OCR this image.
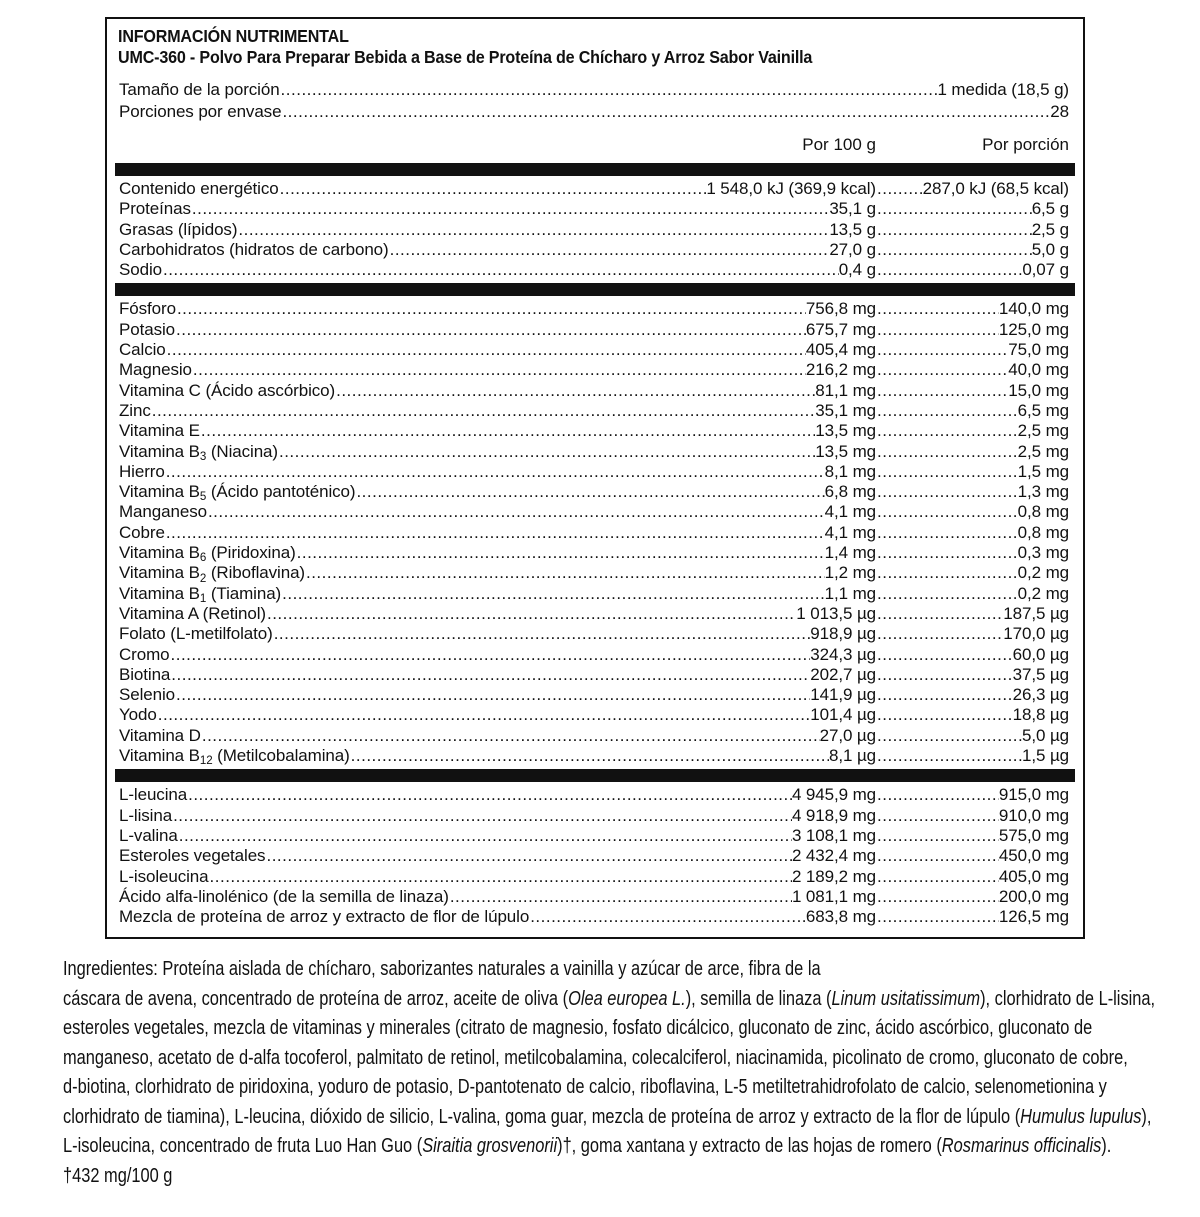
INFORMACIÓN NUTRIMENTAL
UMC-360 - Polvo Para Preparar Bebida a Base de Proteína de Chícharo y Arroz Sabor Vainilla
Tamaño de la porción .....	1 medida (18,5 g)
Porciones por envase .....	28
Por 100 g	Por porción
Contenido energético .....	1 548,0 kJ (369,9 kcal) .....	287,0 kJ (68,5 kcal)
Proteínas .....	35,1 g .....	6,5 g
Grasas (lípidos) .....	13,5 g .....	2,5 g
Carbohidratos (hidratos de carbono) .....	27,0 g .....	5,0 g
Sodio .....	0,4 g .....	0,07 g
Fósforo .....	756,8 mg .....	140,0 mg
Potasio .....	675,7 mg .....	125,0 mg
Calcio .....	405,4 mg .....	75,0 mg
Magnesio .....	216,2 mg .....	40,0 mg
Vitamina C (Ácido ascórbico) .....	81,1 mg .....	15,0 mg
Zinc .....	35,1 mg .....	6,5 mg
Vitamina E .....	13,5 mg .....	2,5 mg
Vitamina $B_3$ (Niacina) .....	13,5 mg .....	2,5 mg
Hierro .....	8,1 mg .....	1,5 mg
Vitamina $B_5$ (Ácido pantoténico) .....	6,8 mg .....	1,3 mg
Manganeso .....	4,1 mg .....	0,8 mg
Cobre .....	4,1 mg .....	0,8 mg
Vitamina $B_6$ (Piridoxina) .....	1,4 mg .....	0,3 mg
Vitamina $B_2$ (Riboflavina) .....	1,2 mg .....	0,2 mg
Vitamina $B_1$ (Tiamina) .....	1,1 mg .....	0,2 mg
Vitamina A (Retinol) .....	1 013,5 µg .....	187,5 µg
Folato (L-metilfolato) .....	918,9 µg .....	170,0 µg
Cromo .....	324,3 µg .....	60,0 µg
Biotina .....	202,7 µg .....	37,5 µg
Selenio .....	141,9 µg .....	26,3 µg
Yodo .....	101,4 µg .....	18,8 µg
Vitamina D .....	27,0 µg .....	5,0 µg
Vitamina $B_{12}$ (Metilcobalamina) .....	8,1 µg .....	1,5 µg
L-leucina .....	4 945,9 mg .....	915,0 mg
L-lisina .....	4 918,9 mg .....	910,0 mg
L-valina .....	3 108,1 mg .....	575,0 mg
Esteroles vegetales .....	2 432,4 mg .....	450,0 mg
L-isoleucina .....	2 189,2 mg .....	405,0 mg
Ácido alfa-linolénico (de la semilla de linaza) .....	1 081,1 mg .....	200,0 mg
Mezcla de proteína de arroz y extracto de flor de lúpulo .....	683,8 mg .....	126,5 mg
Ingredientes: Proteína aislada de chícharo, saborizantes naturales a vainilla y azúcar de arce, fibra de la
cáscara de avena, concentrado de proteína de arroz, aceite de oliva (Olea europea L.), semilla de linaza (Linum usitatissimum), clorhidrato de L-lisina,
esteroles vegetales, mezcla de vitaminas y minerales (citrato de magnesio, fosfato dicálcico, gluconato de zinc, ácido ascórbico, gluconato de
manganeso, acetato de d-alfa tocoferol, palmitato de retinol, metilcobalamina, colecalciferol, niacinamida, picolinato de cromo, gluconato de cobre,
d-biotina, clorhidrato de piridoxina, yoduro de potasio, D-pantotenato de calcio, riboflavina, L-5 metiltetrahidrofolato de calcio, selenometionina y
clorhidrato de tiamina), L-leucina, dióxido de silicio, L-valina, goma guar, mezcla de proteína de arroz y extracto de la flor de lúpulo (Humulus lupulus),
L-isoleucina, concentrado de fruta Luo Han Guo (Siraitia grosvenorii)†, goma xantana y extracto de las hojas de romero (Rosmarinus officinalis).
†432 mg/100 g
